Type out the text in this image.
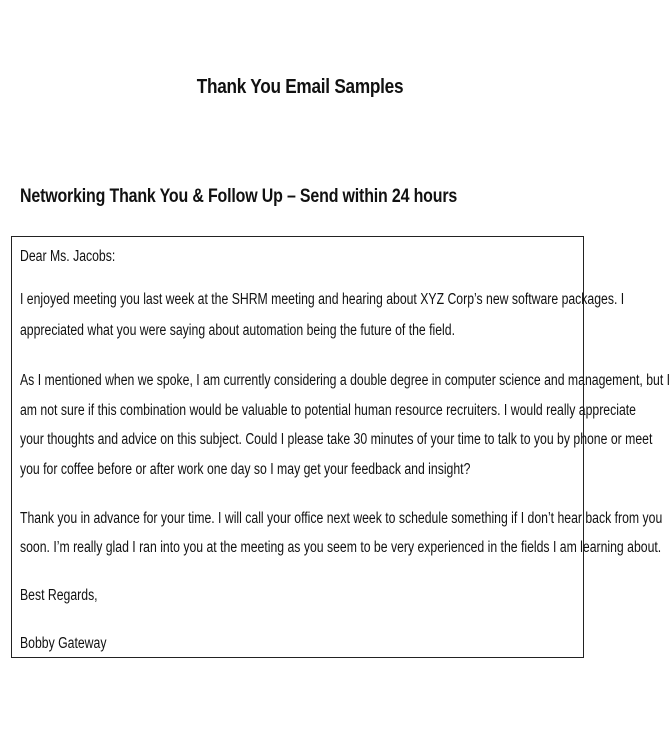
Thank You Email Samples
Networking Thank You & Follow Up – Send within 24 hours
Dear Ms. Jacobs:
I enjoyed meeting you last week at the SHRM meeting and hearing about XYZ Corp’s new software packages. I
appreciated what you were saying about automation being the future of the field.
As I mentioned when we spoke, I am currently considering a double degree in computer science and management, but I
am not sure if this combination would be valuable to potential human resource recruiters. I would really appreciate
your thoughts and advice on this subject. Could I please take 30 minutes of your time to talk to you by phone or meet
you for coffee before or after work one day so I may get your feedback and insight?
Thank you in advance for your time. I will call your office next week to schedule something if I don’t hear back from you
soon. I’m really glad I ran into you at the meeting as you seem to be very experienced in the fields I am learning about.
Best Regards,
Bobby Gateway
